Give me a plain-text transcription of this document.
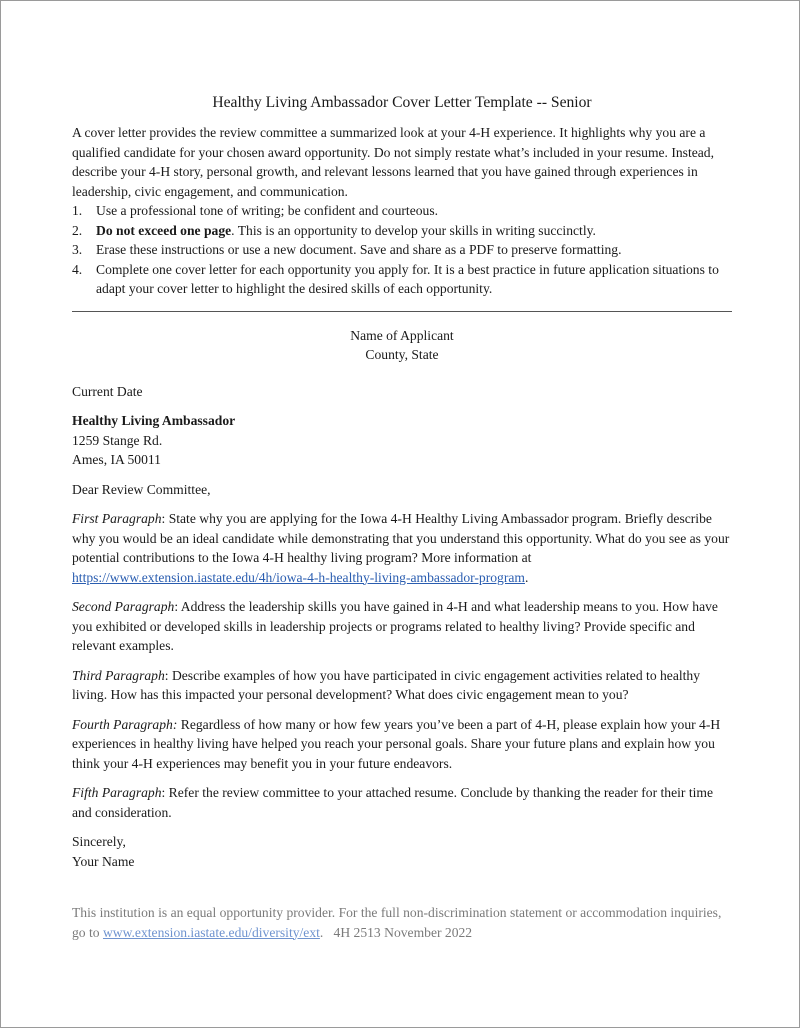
Healthy Living Ambassador Cover Letter Template -- Senior

A cover letter provides the review committee a summarized look at your 4-H experience. It highlights why you are a qualified candidate for your chosen award opportunity. Do not simply restate what’s included in your resume. Instead, describe your 4-H story, personal growth, and relevant lessons learned that you have gained through experiences in leadership, civic engagement, and communication.

1. Use a professional tone of writing; be confident and courteous.
2. Do not exceed one page. This is an opportunity to develop your skills in writing succinctly.
3. Erase these instructions or use a new document. Save and share as a PDF to preserve formatting.
4. Complete one cover letter for each opportunity you apply for. It is a best practice in future application situations to adapt your cover letter to highlight the desired skills of each opportunity.
Name of Applicant
County, State
Current Date
Healthy Living Ambassador
1259 Stange Rd.
Ames, IA 50011
Dear Review Committee,

First Paragraph: State why you are applying for the Iowa 4-H Healthy Living Ambassador program. Briefly describe why you would be an ideal candidate while demonstrating that you understand this opportunity. What do you see as your potential contributions to the Iowa 4-H healthy living program? More information at https://www.extension.iastate.edu/4h/iowa-4-h-healthy-living-ambassador-program.

Second Paragraph: Address the leadership skills you have gained in 4-H and what leadership means to you. How have you exhibited or developed skills in leadership projects or programs related to healthy living? Provide specific and relevant examples.

Third Paragraph: Describe examples of how you have participated in civic engagement activities related to healthy living. How has this impacted your personal development? What does civic engagement mean to you?

Fourth Paragraph: Regardless of how many or how few years you’ve been a part of 4-H, please explain how your 4-H experiences in healthy living have helped you reach your personal goals. Share your future plans and explain how you think your 4-H experiences may benefit you in your future endeavors.

Fifth Paragraph: Refer the review committee to your attached resume. Conclude by thanking the reader for their time and consideration.

Sincerely,
Your Name

This institution is an equal opportunity provider. For the full non-discrimination statement or accommodation inquiries, go to www.extension.iastate.edu/diversity/ext. 4H 2513 November 2022
